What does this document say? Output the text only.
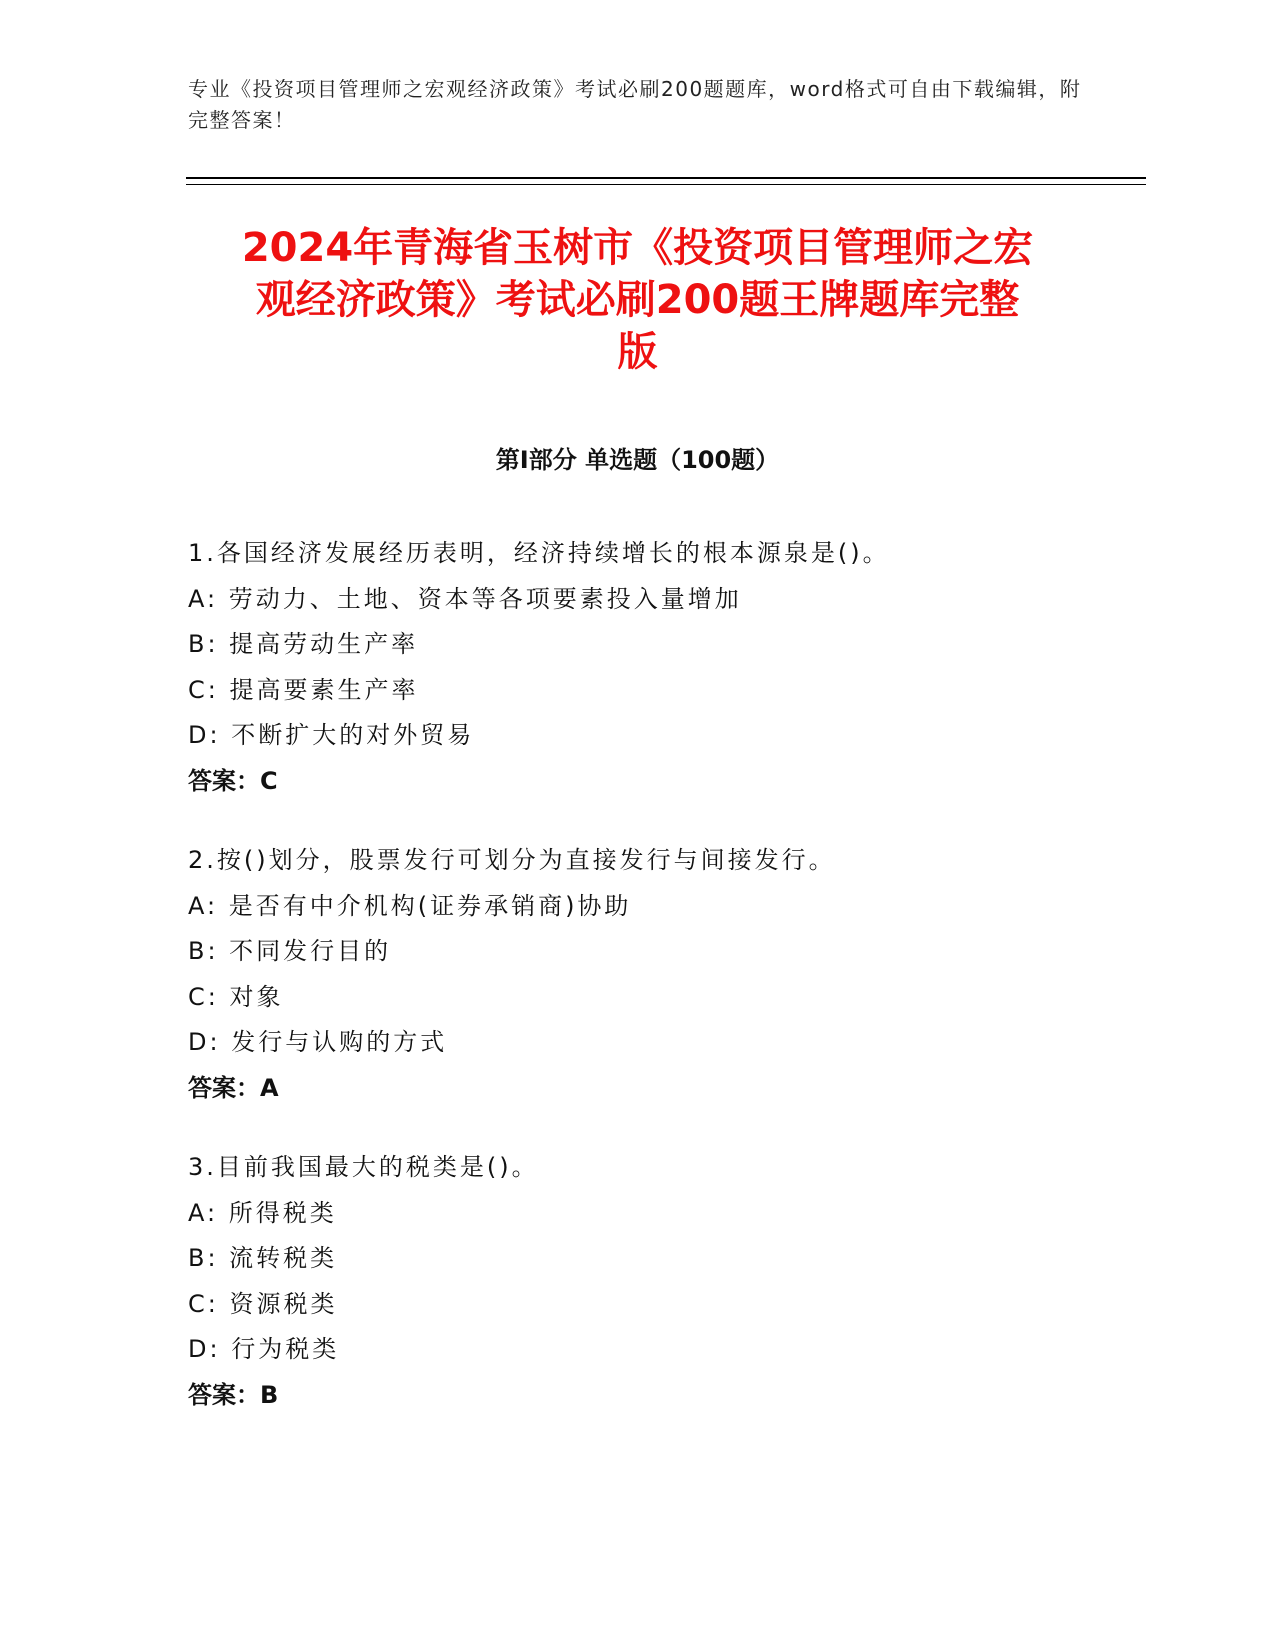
专业《投资项目管理师之宏观经济政策》考试必刷200题题库，word格式可自由下载编辑，附完整答案！
2024年青海省玉树市《投资项目管理师之宏
观经济政策》考试必刷200题王牌题库完整
版
第Ⅰ部分 单选题（100题）
1.各国经济发展经历表明，经济持续增长的根本源泉是()。
A: 劳动力、土地、资本等各项要素投入量增加
B: 提高劳动生产率
C: 提高要素生产率
D: 不断扩大的对外贸易
答案：C
2.按()划分，股票发行可划分为直接发行与间接发行。
A: 是否有中介机构(证券承销商)协助
B: 不同发行目的
C: 对象
D: 发行与认购的方式
答案：A
3.目前我国最大的税类是()。
A: 所得税类
B: 流转税类
C: 资源税类
D: 行为税类
答案：B
